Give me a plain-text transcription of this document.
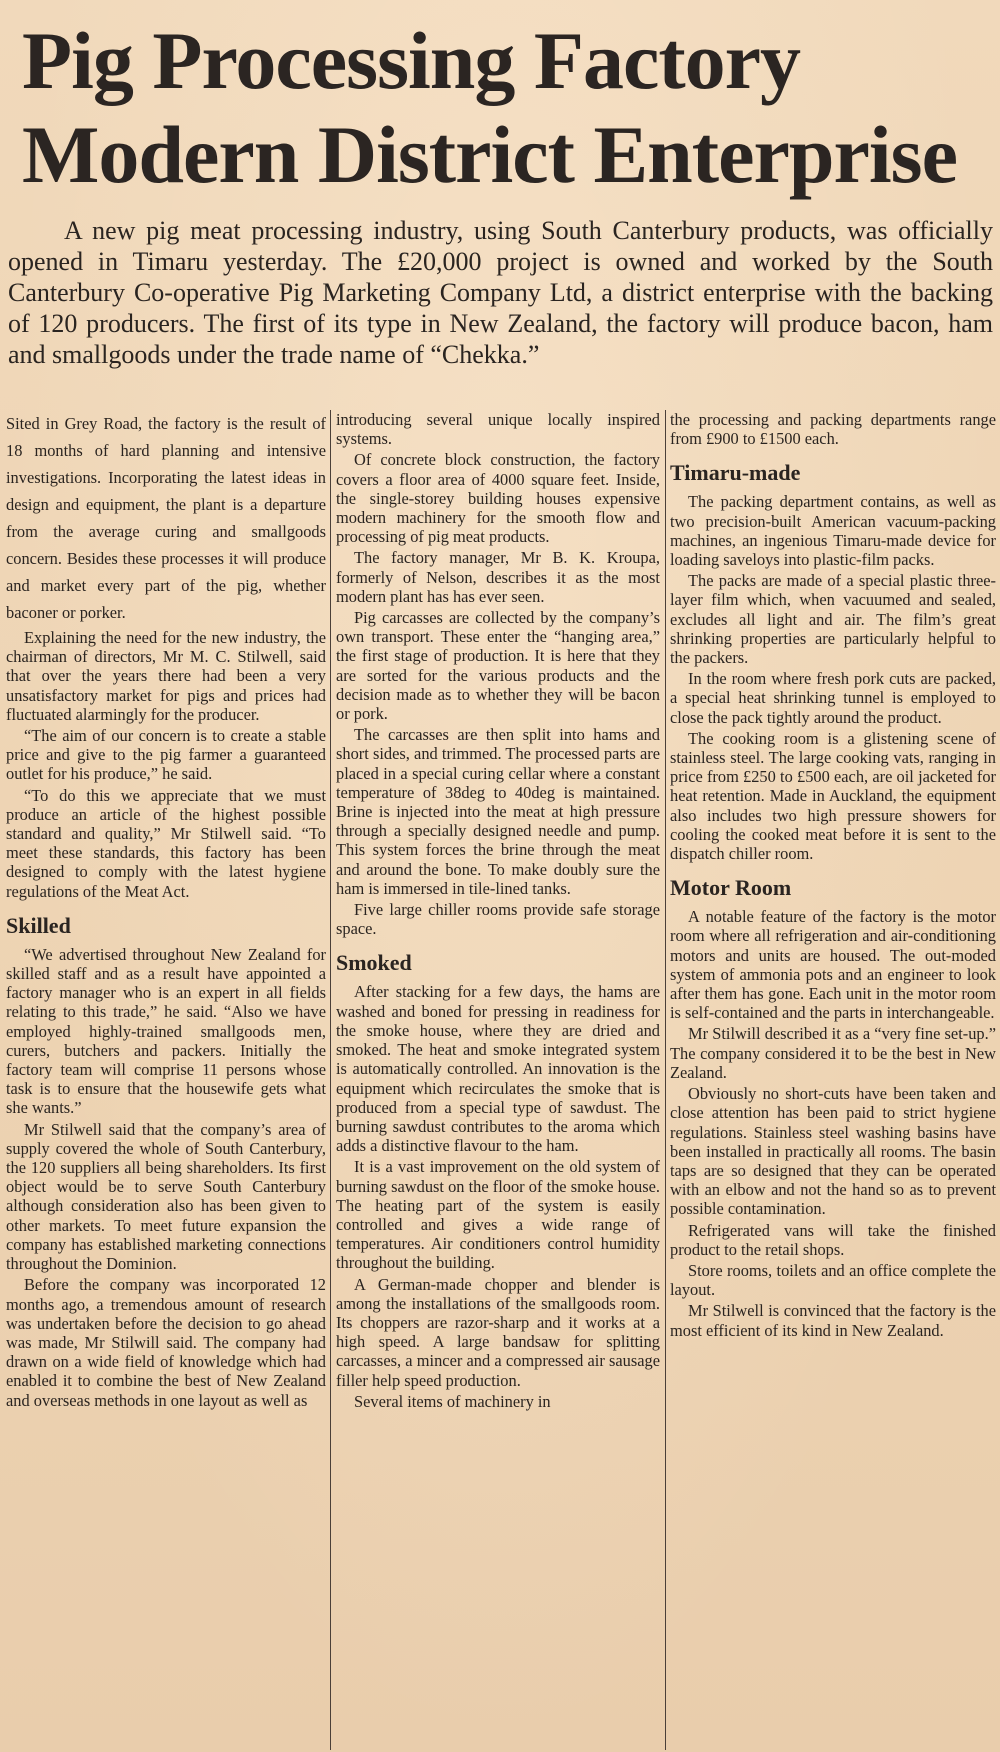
Pig Processing Factory
Modern District Enterprise

A new pig meat processing industry, using South Canterbury products, was officially opened in Timaru yesterday. The £20,000 project is owned and worked by the South Canterbury Co-operative Pig Marketing Company Ltd, a district enterprise with the backing of 120 producers. The first of its type in New Zealand, the factory will produce bacon, ham and smallgoods under the trade name of “Chekka.”

Sited in Grey Road, the factory is the result of 18 months of hard planning and intensive investigations. Incorporating the latest ideas in design and equipment, the plant is a departure from the average curing and smallgoods concern. Besides these processes it will produce and market every part of the pig, whether baconer or porker.

Explaining the need for the new industry, the chairman of directors, Mr M. C. Stilwell, said that over the years there had been a very unsatisfactory market for pigs and prices had fluctuated alarmingly for the producer.

“The aim of our concern is to create a stable price and give to the pig farmer a guaranteed outlet for his produce,” he said.

“To do this we appreciate that we must produce an article of the highest possible standard and quality,” Mr Stilwell said. “To meet these standards, this factory has been designed to comply with the latest hygiene regulations of the Meat Act.

Skilled

“We advertised throughout New Zealand for skilled staff and as a result have appointed a factory manager who is an expert in all fields relating to this trade,” he said. “Also we have employed highly-trained smallgoods men, curers, butchers and packers. Initially the factory team will comprise 11 persons whose task is to ensure that the housewife gets what she wants.”

Mr Stilwell said that the company’s area of supply covered the whole of South Canterbury, the 120 suppliers all being shareholders. Its first object would be to serve South Canterbury although consideration also has been given to other markets. To meet future expansion the company has established marketing connections throughout the Dominion.

Before the company was incorporated 12 months ago, a tremendous amount of research was undertaken before the decision to go ahead was made, Mr Stilwill said. The company had drawn on a wide field of knowledge which had enabled it to combine the best of New Zealand and overseas methods in one layout as well as

introducing several unique locally inspired systems.

Of concrete block construction, the factory covers a floor area of 4000 square feet. Inside, the single-storey building houses expensive modern machinery for the smooth flow and processing of pig meat products.

The factory manager, Mr B. K. Kroupa, formerly of Nelson, describes it as the most modern plant has has ever seen.

Pig carcasses are collected by the company’s own transport. These enter the “hanging area,” the first stage of production. It is here that they are sorted for the various products and the decision made as to whether they will be bacon or pork.

The carcasses are then split into hams and short sides, and trimmed. The processed parts are placed in a special curing cellar where a constant temperature of 38deg to 40deg is maintained. Brine is injected into the meat at high pressure through a specially designed needle and pump. This system forces the brine through the meat and around the bone. To make doubly sure the ham is immersed in tile-lined tanks.

Five large chiller rooms provide safe storage space.

Smoked

After stacking for a few days, the hams are washed and boned for pressing in readiness for the smoke house, where they are dried and smoked. The heat and smoke integrated system is automatically controlled. An innovation is the equipment which recirculates the smoke that is produced from a special type of sawdust. The burning sawdust contributes to the aroma which adds a distinctive flavour to the ham.

It is a vast improvement on the old system of burning sawdust on the floor of the smoke house. The heating part of the system is easily controlled and gives a wide range of temperatures. Air conditioners control humidity throughout the building.

A German-made chopper and blender is among the installations of the smallgoods room. Its choppers are razor-sharp and it works at a high speed. A large bandsaw for splitting carcasses, a mincer and a compressed air sausage filler help speed production.

Several items of machinery in

the processing and packing departments range from £900 to £1500 each.

Timaru-made

The packing department contains, as well as two precision-built American vacuum-packing machines, an ingenious Timaru-made device for loading saveloys into plastic-film packs.

The packs are made of a special plastic three-layer film which, when vacuumed and sealed, excludes all light and air. The film’s great shrinking properties are particularly helpful to the packers.

In the room where fresh pork cuts are packed, a special heat shrinking tunnel is employed to close the pack tightly around the product.

The cooking room is a glistening scene of stainless steel. The large cooking vats, ranging in price from £250 to £500 each, are oil jacketed for heat retention. Made in Auckland, the equipment also includes two high pressure showers for cooling the cooked meat before it is sent to the dispatch chiller room.

Motor Room

A notable feature of the factory is the motor room where all refrigeration and air-conditioning motors and units are housed. The out-moded system of ammonia pots and an engineer to look after them has gone. Each unit in the motor room is self-contained and the parts in interchangeable.

Mr Stilwill described it as a “very fine set-up.” The company considered it to be the best in New Zealand.

Obviously no short-cuts have been taken and close attention has been paid to strict hygiene regulations. Stainless steel washing basins have been installed in practically all rooms. The basin taps are so designed that they can be operated with an elbow and not the hand so as to prevent possible contamination.

Refrigerated vans will take the finished product to the retail shops.

Store rooms, toilets and an office complete the layout.

Mr Stilwell is convinced that the factory is the most efficient of its kind in New Zealand.
